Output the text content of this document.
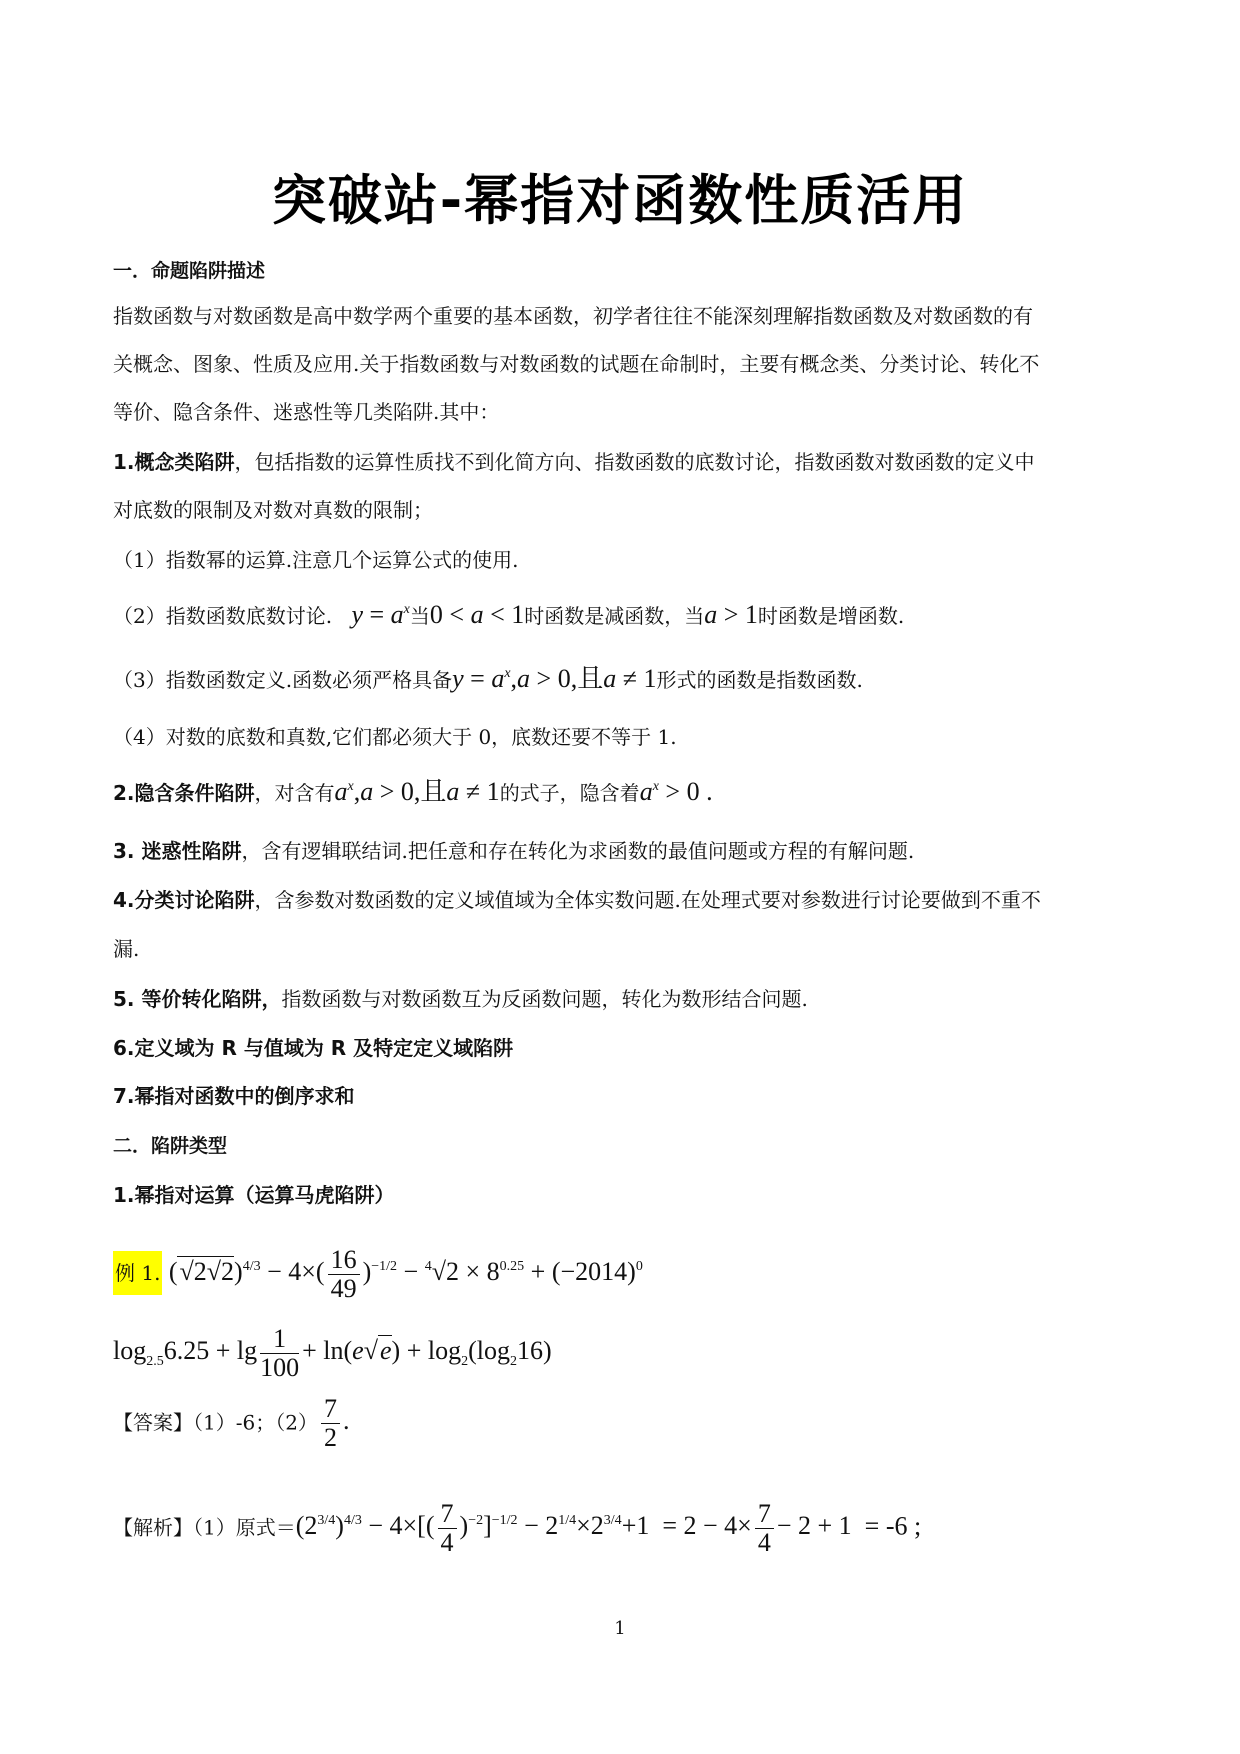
突破站-幂指对函数性质活用
一．命题陷阱描述
指数函数与对数函数是高中数学两个重要的基本函数，初学者往往不能深刻理解指数函数及对数函数的有
关概念、图象、性质及应用.关于指数函数与对数函数的试题在命制时，主要有概念类、分类讨论、转化不
等价、隐含条件、迷惑性等几类陷阱.其中：
1.概念类陷阱，包括指数的运算性质找不到化简方向、指数函数的底数讨论，指数函数对数函数的定义中
对底数的限制及对数对真数的限制；
（1）指数幂的运算.注意几个运算公式的使用.
（2）指数函数底数讨论. $y = a^x$当0 < a < 1时函数是减函数，当a > 1时函数是增函数.
（3）指数函数定义.函数必须严格具备$y = a^x,a > 0$,且a ≠ 1形式的函数是指数函数.
（4）对数的底数和真数,它们都必须大于 0，底数还要不等于 1.
2.隐含条件陷阱，对含有$a^x,a > 0$,且a ≠ 1的式子，隐含着$a^x > 0$ .
3. 迷惑性陷阱，含有逻辑联结词.把任意和存在转化为求函数的最值问题或方程的有解问题.
4.分类讨论陷阱，含参数对数函数的定义域值域为全体实数问题.在处理式要对参数进行讨论要做到不重不
漏.
5. 等价转化陷阱，指数函数与对数函数互为反函数问题，转化为数形结合问题.
6.定义域为 R 与值域为 R 及特定定义域陷阱
7.幂指对函数中的倒序求和
二．陷阱类型
1.幂指对运算（运算马虎陷阱）
例 1. $(√2√2)^{4/3} - 4\times( \frac{16}{49} )^{-1/2} - ^4√2 \times 8^{0.25} + (-2014)^0$
$\log_{2.5}6.25 + \lg \frac{1}{100} + \ln(e√e) + \log_2(\log_216)$
【答案】（1）-6；$(2) \frac{7}{2}$ .
【解析】（1）原式$=(2^{3/4})^{4/3} - 4\times[( \frac{7}{4} )^{-2}]^{-1/2} - 2^{1/4}\times 2^{3/4}+1 = 2 - 4\times \frac{7}{4} - 2 + 1 = -6$ ;
1
